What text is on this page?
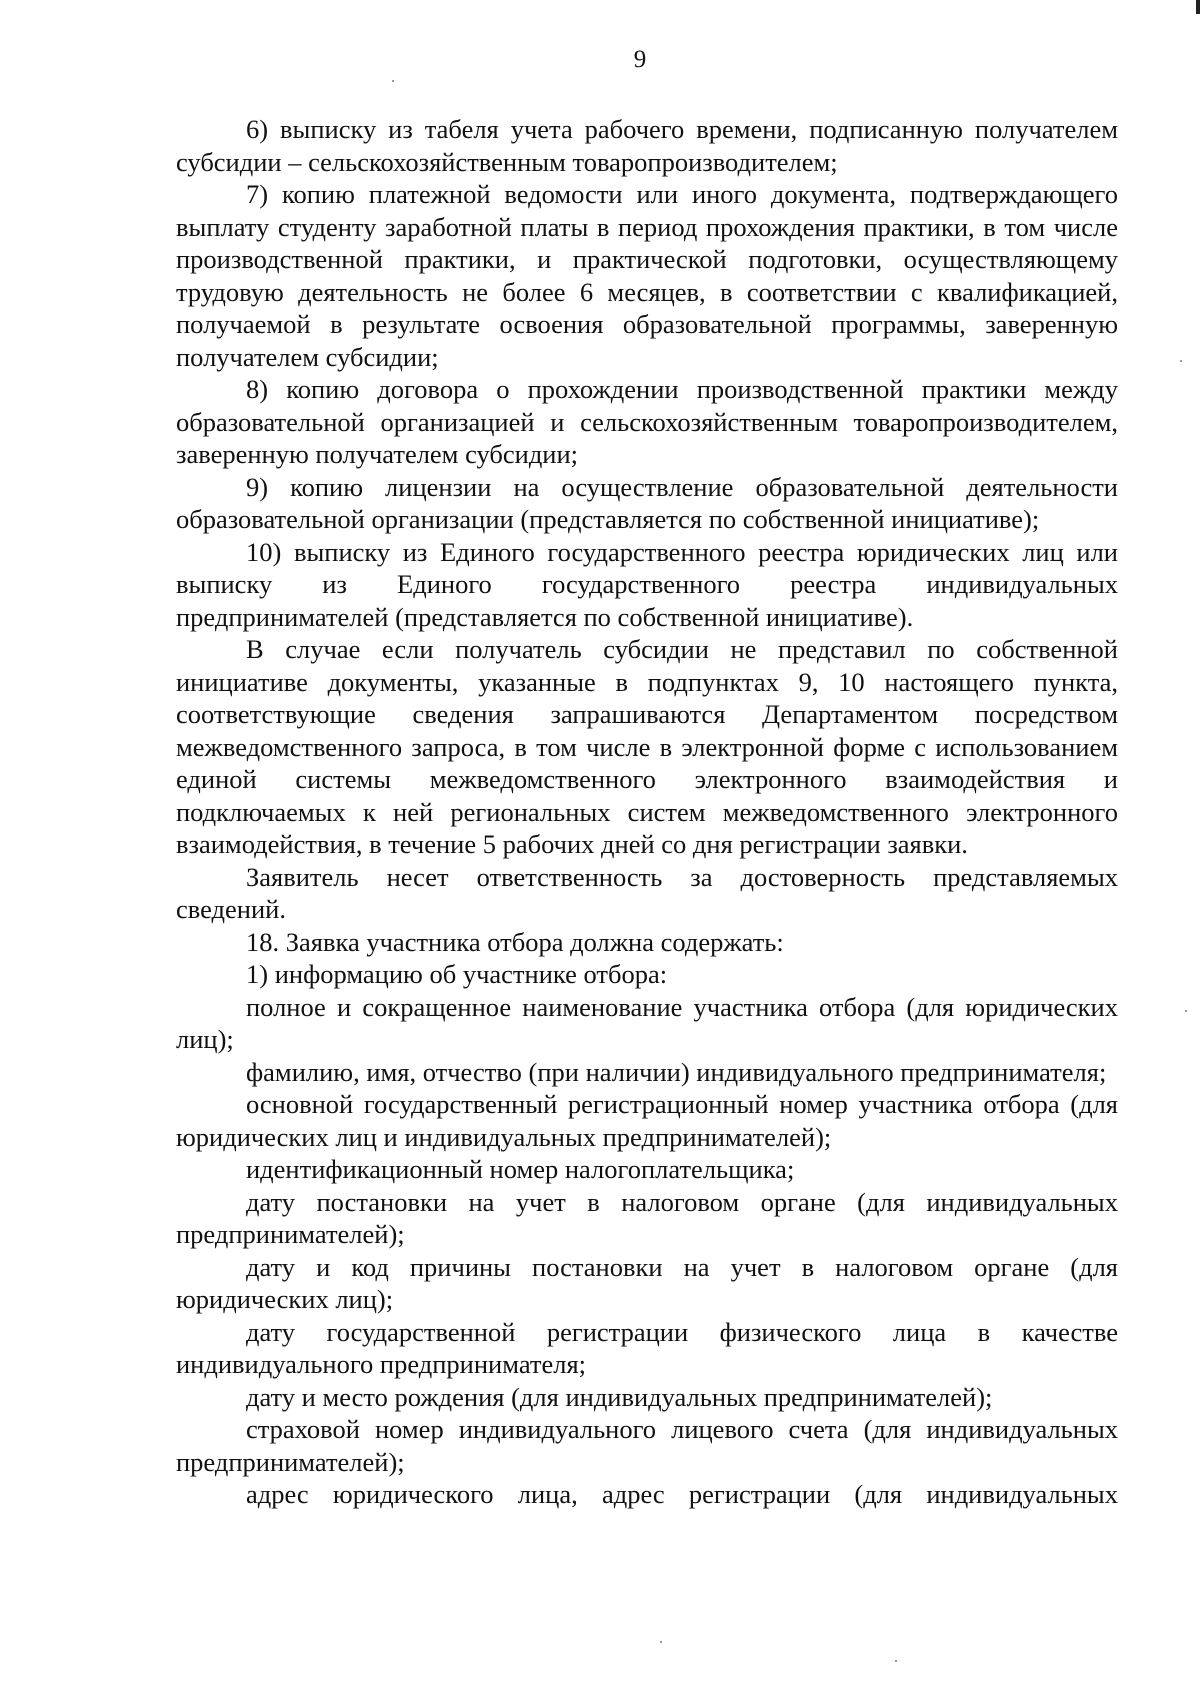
9

6) выписку из табеля учета рабочего времени, подписанную получателем субсидии – сельскохозяйственным товаропроизводителем;

7) копию платежной ведомости или иного документа, подтверждающего выплату студенту заработной платы в период прохождения практики, в том числе производственной практики, и практической подготовки, осуществляющему трудовую деятельность не более 6 месяцев, в соответствии с квалификацией, получаемой в результате освоения образовательной программы, заверенную получателем субсидии;

8) копию договора о прохождении производственной практики между образовательной организацией и сельскохозяйственным товаропроизводителем, заверенную получателем субсидии;

9) копию лицензии на осуществление образовательной деятельности образовательной организации (представляется по собственной инициативе);

10) выписку из Единого государственного реестра юридических лиц или выписку из Единого государственного реестра индивидуальных предпринимателей (представляется по собственной инициативе).

В случае если получатель субсидии не представил по собственной инициативе документы, указанные в подпунктах 9, 10 настоящего пункта, соответствующие сведения запрашиваются Департаментом посредством межведомственного запроса, в том числе в электронной форме с использованием единой системы межведомственного электронного взаимодействия и подключаемых к ней региональных систем межведомственного электронного взаимодействия, в течение 5 рабочих дней со дня регистрации заявки.

Заявитель несет ответственность за достоверность представляемых сведений.

18. Заявка участника отбора должна содержать:

1) информацию об участнике отбора:

полное и сокращенное наименование участника отбора (для юридических лиц);

фамилию, имя, отчество (при наличии) индивидуального предпринимателя;

основной государственный регистрационный номер участника отбора (для юридических лиц и индивидуальных предпринимателей);

идентификационный номер налогоплательщика;

дату постановки на учет в налоговом органе (для индивидуальных предпринимателей);

дату и код причины постановки на учет в налоговом органе (для юридических лиц);

дату государственной регистрации физического лица в качестве индивидуального предпринимателя;

дату и место рождения (для индивидуальных предпринимателей);

страховой номер индивидуального лицевого счета (для индивидуальных предпринимателей);

адрес юридического лица, адрес регистрации (для индивидуальных
